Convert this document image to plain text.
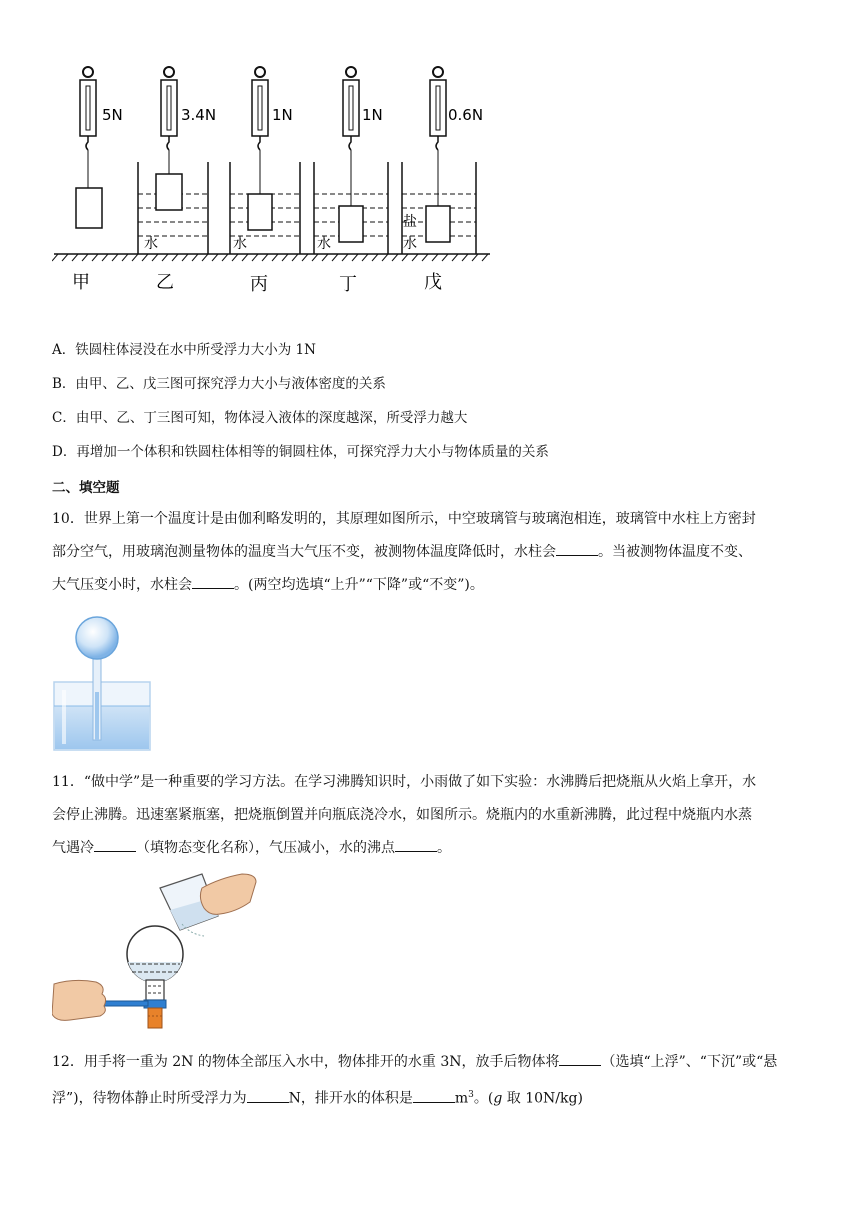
5N
甲
3.4N
水
乙
1N
水
丙
1N
水
丁
0.6N
盐
水
戊
A．铁圆柱体浸没在水中所受浮力大小为 1N
B．由甲、乙、戊三图可探究浮力大小与液体密度的关系
C．由甲、乙、丁三图可知，物体浸入液体的深度越深，所受浮力越大
D．再增加一个体积和铁圆柱体相等的铜圆柱体，可探究浮力大小与物体质量的关系
二、填空题
10．世界上第一个温度计是由伽利略发明的，其原理如图所示，中空玻璃管与玻璃泡相连，玻璃管中水柱上方密封
部分空气，用玻璃泡测量物体的温度当大气压不变，被测物体温度降低时，水柱会	。当被测物体温度不变、
大气压变小时，水柱会	。(两空均选填“上升”“下降”或“不变”)。
11．“做中学”是一种重要的学习方法。在学习沸腾知识时，小雨做了如下实验：水沸腾后把烧瓶从火焰上拿开，水
会停止沸腾。迅速塞紧瓶塞，把烧瓶倒置并向瓶底浇冷水，如图所示。烧瓶内的水重新沸腾，此过程中烧瓶内水蒸
气遇冷	（填物态变化名称），气压减小，水的沸点	。
12．用手将一重为 2N 的物体全部压入水中，物体排开的水重 3N，放手后物体将	（选填“上浮”、“下沉”或“悬
浮”)，待物体静止时所受浮力为	N，排开水的体积是	$m^3$。(g 取 10N/kg)
